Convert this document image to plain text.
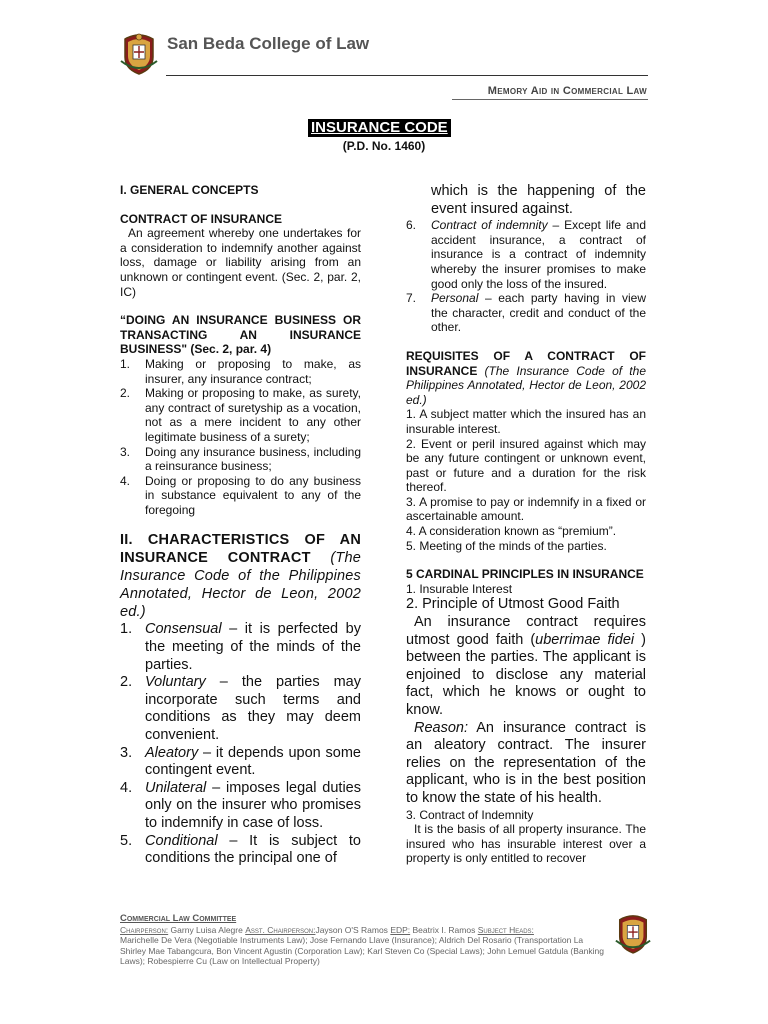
San Beda College of Law
Memory Aid in Commercial Law
INSURANCE CODE
(P.D. No. 1460)

I. GENERAL CONCEPTS

CONTRACT OF INSURANCE

An agreement whereby one undertakes for a consideration to indemnify another against loss, damage or liability arising from an unknown or contingent event. (Sec. 2, par. 2, IC)

“DOING AN INSURANCE BUSINESS OR TRANSACTING AN INSURANCE BUSINESS" (Sec. 2, par. 4)

1. Making or proposing to make, as insurer, any insurance contract;
2. Making or proposing to make, as surety, any contract of suretyship as a vocation, not as a mere incident to any other legitimate business of a surety;
3. Doing any insurance business, including a reinsurance business;
4. Doing or proposing to do any business in substance equivalent to any of the foregoing

II. CHARACTERISTICS OF AN INSURANCE CONTRACT (The Insurance Code of the Philippines Annotated, Hector de Leon, 2002 ed.)

1. Consensual – it is perfected by the meeting of the minds of the parties.
2. Voluntary – the parties may incorporate such terms and conditions as they may deem convenient.
3. Aleatory – it depends upon some contingent event.
4. Unilateral – imposes legal duties only on the insurer who promises to indemnify in case of loss.
5. Conditional – It is subject to conditions the principal one of

which is the happening of the event insured against.

6. Contract of indemnity – Except life and accident insurance, a contract of insurance is a contract of indemnity whereby the insurer promises to make good only the loss of the insured.
7. Personal – each party having in view the character, credit and conduct of the other.

REQUISITES OF A CONTRACT OF INSURANCE (The Insurance Code of the Philippines Annotated, Hector de Leon, 2002 ed.)

1. A subject matter which the insured has an insurable interest.

2. Event or peril insured against which may be any future contingent or unknown event, past or future and a duration for the risk thereof.

3. A promise to pay or indemnify in a fixed or ascertainable amount.

4. A consideration known as “premium”.

5. Meeting of the minds of the parties.

5 CARDINAL PRINCIPLES IN INSURANCE

1. Insurable Interest

2. Principle of Utmost Good Faith

An insurance contract requires utmost good faith (uberrimae fidei ) between the parties. The applicant is enjoined to disclose any material fact, which he knows or ought to know.

Reason: An insurance contract is an aleatory contract. The insurer relies on the representation of the applicant, who is in the best position to know the state of his health.

3. Contract of Indemnity

It is the basis of all property insurance. The insured who has insurable interest over a property is only entitled to recover

Commercial Law Committee

Chairperson: Garny Luisa Alegre Asst. Chairperson:Jayson O'S Ramos EDP: Beatrix I. Ramos Subject Heads:

Marichelle De Vera (Negotiable Instruments Law); Jose Fernando Llave (Insurance); Aldrich Del Rosario (Transportation La

Shirley Mae Tabangcura, Bon Vincent Agustin (Corporation Law); Karl Steven Co (Special Laws); John Lemuel Gatdula (Banking

Laws); Robespierre Cu (Law on Intellectual Property)
